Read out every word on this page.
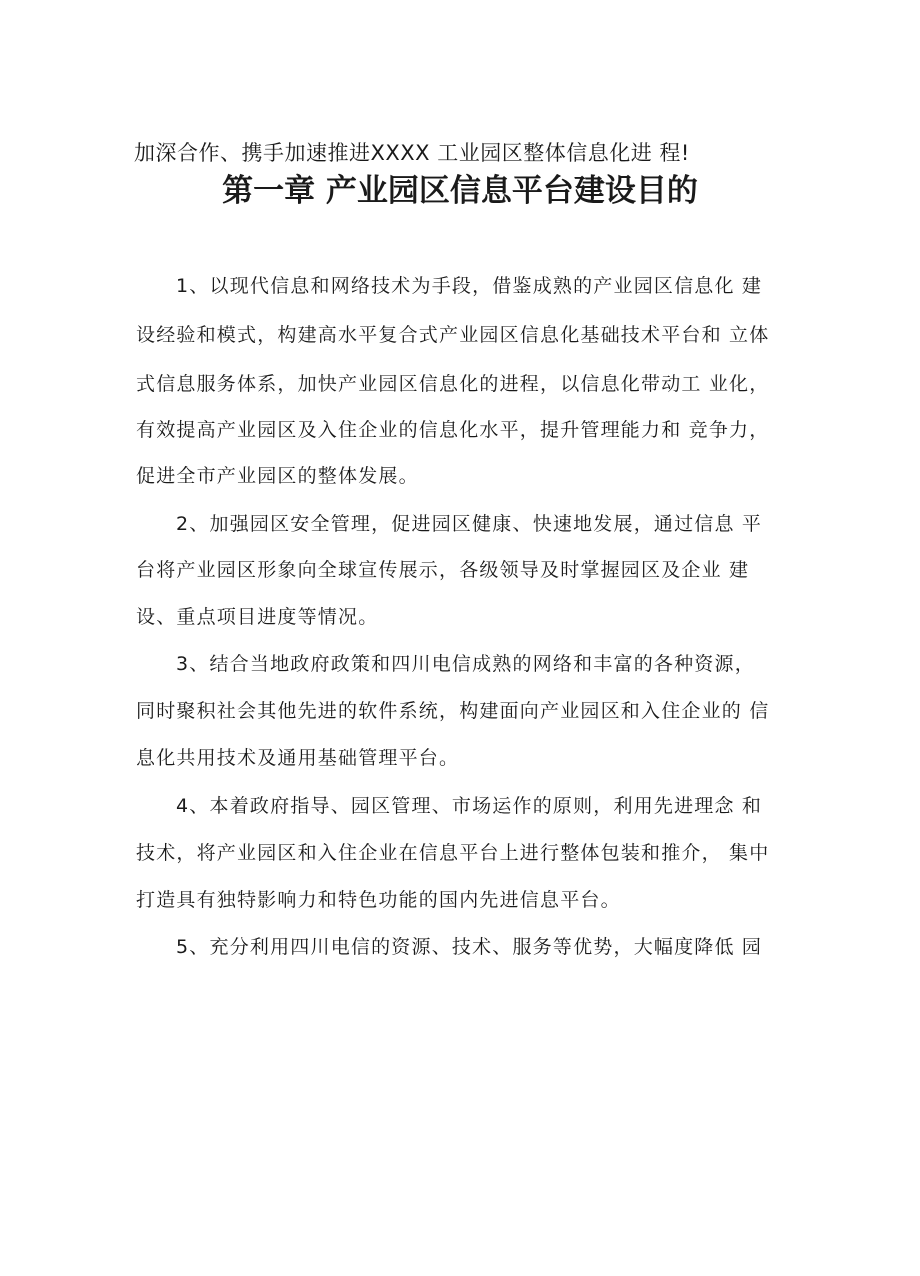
加深合作、携手加速推进XXXX 工业园区整体信息化进 程!
第一章 产业园区信息平台建设目的
1、以现代信息和网络技术为手段，借鉴成熟的产业园区信息化 建
设经验和模式，构建高水平复合式产业园区信息化基础技术平台和 立体
式信息服务体系，加快产业园区信息化的进程，以信息化带动工 业化，
有效提高产业园区及入住企业的信息化水平，提升管理能力和 竞争力，
促进全市产业园区的整体发展。
2、加强园区安全管理，促进园区健康、快速地发展，通过信息 平
台将产业园区形象向全球宣传展示，各级领导及时掌握园区及企业 建
设、重点项目进度等情况。
3、结合当地政府政策和四川电信成熟的网络和丰富的各种资源，
同时聚积社会其他先进的软件系统，构建面向产业园区和入住企业的 信
息化共用技术及通用基础管理平台。
4、本着政府指导、园区管理、市场运作的原则，利用先进理念 和
技术，将产业园区和入住企业在信息平台上进行整体包装和推介， 集中
打造具有独特影响力和特色功能的国内先进信息平台。
5、充分利用四川电信的资源、技术、服务等优势，大幅度降低 园
